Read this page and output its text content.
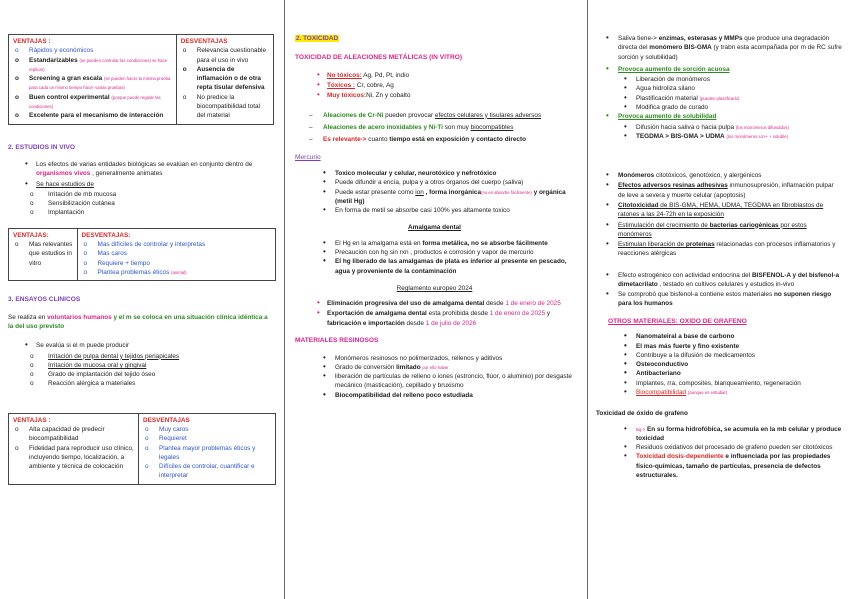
VENTAJAS :
o Rápidos y económicos
o Estandarizables (se pueden controlar las condiciones) se hace replicar)
o Screening a gran escala (se pueden hacer la misma prueba para cada un mismo tiempo hacer varias pruebas)
o Buen control experimental (porque puedo regular las condiciones)
o Excelente para el mecanismo de interacción
DESVENTAJAS
o Relevancia cuestionable para el uso in vivo
o Ausencia de inflamación o de otra repta tisular defensiva
o No predice la biocompatibilidad total del material
2. ESTUDIOS IN VIVO
• Los efectos de varias entidades biológicas se evalúan en conjunto dentro de organismos vivos , generalmente animates
• Se hace estudios de
o Irritación de mb mucosa
o Sensibilización cutánea
o Implantación
VENTAJAS:
o Mas relevantes que estudios in vitro
DESVENTAJAS:
o Mas difíciles de controlar y interpretas
o Mas caros
o Requiere + tiempo
o Plantea problemas éticos (animal)
3. ENSAYOS CLINICOS

Se realiza en voluntarios humanos y el m se coloca en una situación clínica idéntica a la del uso previsto

• Se evalúa si el m puede producir
o Irritación de pulpa dental y tejidos periapicales
o Irritación de mucosa oral y gingival
o Grado de implantación del tejido óseo
o Reacción alérgica a materiales
VENTAJAS :
o Alta capacidad de predecir biocompatibilidad
o Fidelidad para reproducir uso clínico, incluyendo tiempo, localización, a ambiente y técnica de colocación
DESVENTAJAS
o Muy caros
o Requieret
o Plantea mayor problemas éticos y legales
o Difíciles de controlar, cuantificar e interpretar
2. TOXICIDAD
TOXICIDAD DE ALEACIONES METÁLICAS (IN VITRO)
• No tóxicos: Ag, Pd, Pt, indio
• Tóxicos : Cr, cobre, Ag
• Muy tóxicos:Ni, Zn y cobalto
– Aleaciones de Cr-Ni pueden provocar efectos celulares y tisulares adversos
– Aleaciones de acero inoxidables y Ni-Ti son muy biocompatibles
– Es relevante-> cuanto tiempo está en exposición y contacto directo
Mercurio
• Toxico molecular y celular, neurotóxico y nefrotóxico
• Puede difundir a encía, pulpa y a otros órganos del cuerpo (saliva)
• Puede estar presente como ion , forma inorgánica(no es absorbe fácilmente) y orgánica (metil Hg)
• En forma de metil se absorbe casi 100% yes altamente toxico
Amalgama dental
• El Hg en la amalgama está en forma metálica, no se absorbe fácilmente
• Precaución con hg sin rxn , productos e corrosión y vapor de mercurio
• El hg liberado de las amalgamas de plata es inferior al presente en pescado, agua y proveniente de la contaminación
Reglamento europeo 2024
• Eliminación progresiva del uso de amalgama dental desde 1 de enero de 2025
• Exportación de amalgama dental esta prohibida desde 1 de enero de 2025 y fabricación e importación desde 1 de julio de 2026
MATERIALES RESINOSOS
• Monómeros resinosos no polimerizados, rellenos y aditivos
• Grado de conversión limitado por ello haber
• liberación de partículas de relleno o iones (estroncio, flúor, o aluminio) por desgaste mecánico (masticación), cepillado y bruxismo
• Biocompatibilidad del relleno poco estudiada
• Saliva tiene-> enzimas, esterasas y MMPs que produce una degradación directa del monómero BIS-GMA (y trabn esta acompañada por m de RC sufre sorción y solubilidad)
• Provoca aumento de sorción acuosa
• Liberación de monómeros
• Agua hidroliza silano
• Plastificación material (pueden plastificarlo)
• Modifica grado de curado
• Provoca aumento de solubilidad
• Difusión hacia saliva o hacia pulpa (los monómeros difundidos)
• TEGDMA > BIS-GMA > UDMA (los monómeros so>+ + soluble)
• Monómeros citotóxicos, genotóxico, y alergénicos
• Efectos adversos resinas adhesivas inmunosupresión, inflamación pulpar de leve a severa y muerte celular (apoptosis)
• Citotoxicidad de BIS-GMA, HEMA, UDMA, TEGDMA en fibroblastos de ratones a las 24-72h en la exposición
• Estimulación del crecimiento de bacterias cariogénicas por estos monómeros
• Estimulan liberación de proteínas relacionadas con procesos inflamatorios y reacciones alérgicas
• Efecto estrogénico con actividad endocrina del BISFENOL-A y del bisfenol-a dimetacrilato , testado en cultivos celulares y estudios in-vivo
• Se comprobó que bisfenol-a contiene estos materiales no suponen riesgo para los humanos
OTROS MATERIALES: OXIDO DE GRAFENO
• Nanomateiral a base de carbono
• El mas más fuerte y fino existente
• Contribuye a la difusión de medicamentos
• Osteoconductivo
• Antibacteriano
• Implantes, rra, composites, blanqueamiento, regeneración
• Biocompatibilidad (aunque es estudiar)
Toxicidad de óxido de grafeno
• Bq-> En su forma hidrofóbica, se acumula en la mb celular y produce toxicidad
• Residuos oxidativos del procesado de grafeno pueden ser citotóxicos
• Toxicidad dosis-dependiente e influenciada por las propiedades físico-químicas, tamaño de partículas, presencia de defectos estructurales.
